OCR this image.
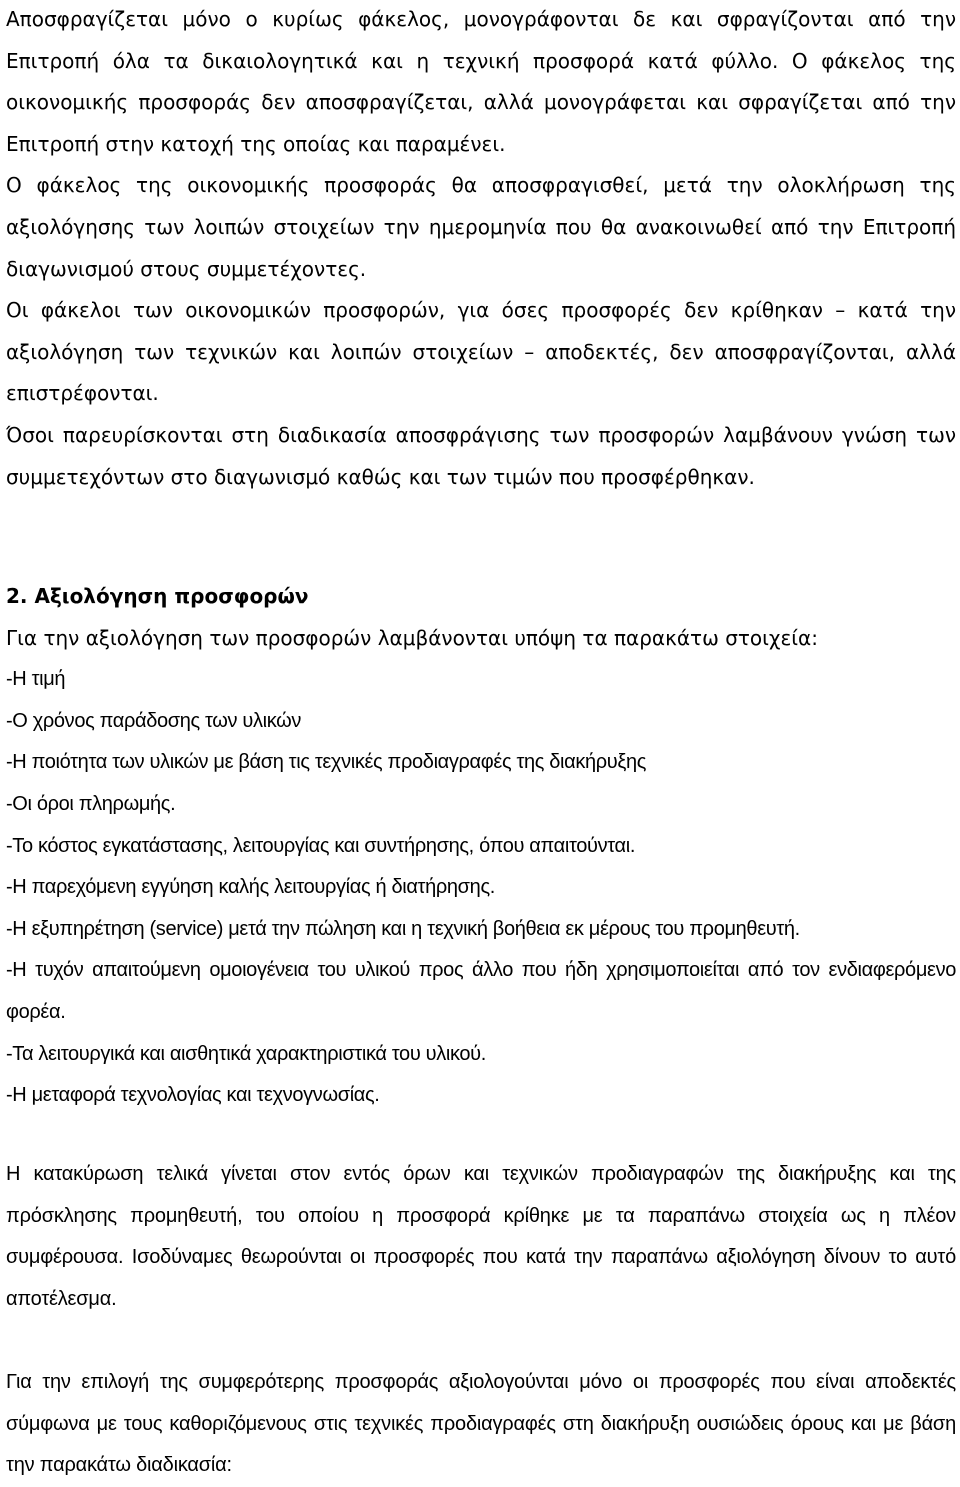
Αποσφραγίζεται μόνο ο κυρίως φάκελος, μονογράφονται δε και σφραγίζονται από την Επιτροπή όλα τα δικαιολογητικά και η τεχνική προσφορά κατά φύλλο. Ο φάκελος της οικονομικής προσφοράς δεν αποσφραγίζεται, αλλά μονογράφεται και σφραγίζεται από την Επιτροπή στην κατοχή της οποίας και παραμένει.

Ο φάκελος της οικονομικής προσφοράς θα αποσφραγισθεί, μετά την ολοκλήρωση της αξιολόγησης των λοιπών στοιχείων την ημερομηνία που θα ανακοινωθεί από την Επιτροπή διαγωνισμού στους συμμετέχοντες.

Οι φάκελοι των οικονομικών προσφορών, για όσες προσφορές δεν κρίθηκαν – κατά την αξιολόγηση των τεχνικών και λοιπών στοιχείων – αποδεκτές, δεν αποσφραγίζονται, αλλά επιστρέφονται.

Όσοι παρευρίσκονται στη διαδικασία αποσφράγισης των προσφορών λαμβάνουν γνώση των συμμετεχόντων στο διαγωνισμό καθώς και των τιμών που προσφέρθηκαν.

2. Αξιολόγηση προσφορών

Για την αξιολόγηση των προσφορών λαμβάνονται υπόψη τα παρακάτω στοιχεία:

-Η τιμή

-Ο χρόνος παράδοσης των υλικών

-Η ποιότητα των υλικών με βάση τις τεχνικές προδιαγραφές της διακήρυξης

-Οι όροι πληρωμής.

-Το κόστος εγκατάστασης, λειτουργίας και συντήρησης, όπου απαιτούνται.

-Η παρεχόμενη εγγύηση καλής λειτουργίας ή διατήρησης.

-Η εξυπηρέτηση (service) μετά την πώληση και η τεχνική βοήθεια εκ μέρους του προμηθευτή.

-Η τυχόν απαιτούμενη ομοιογένεια του υλικού προς άλλο που ήδη χρησιμοποιείται από τον ενδιαφερόμενο φορέα.

-Τα λειτουργικά και αισθητικά χαρακτηριστικά του υλικού.

-Η μεταφορά τεχνολογίας και τεχνογνωσίας.

Η κατακύρωση τελικά γίνεται στον εντός όρων και τεχνικών προδιαγραφών της διακήρυξης και της πρόσκλησης προμηθευτή, του οποίου η προσφορά κρίθηκε με τα παραπάνω στοιχεία ως η πλέον συμφέρουσα. Ισοδύναμες θεωρούνται οι προσφορές που κατά την παραπάνω αξιολόγηση δίνουν το αυτό αποτέλεσμα.

Για την επιλογή της συμφερότερης προσφοράς αξιολογούνται μόνο οι προσφορές που είναι αποδεκτές σύμφωνα με τους καθοριζόμενους στις τεχνικές προδιαγραφές στη διακήρυξη ουσιώδεις όρους και με βάση την παρακάτω διαδικασία:
